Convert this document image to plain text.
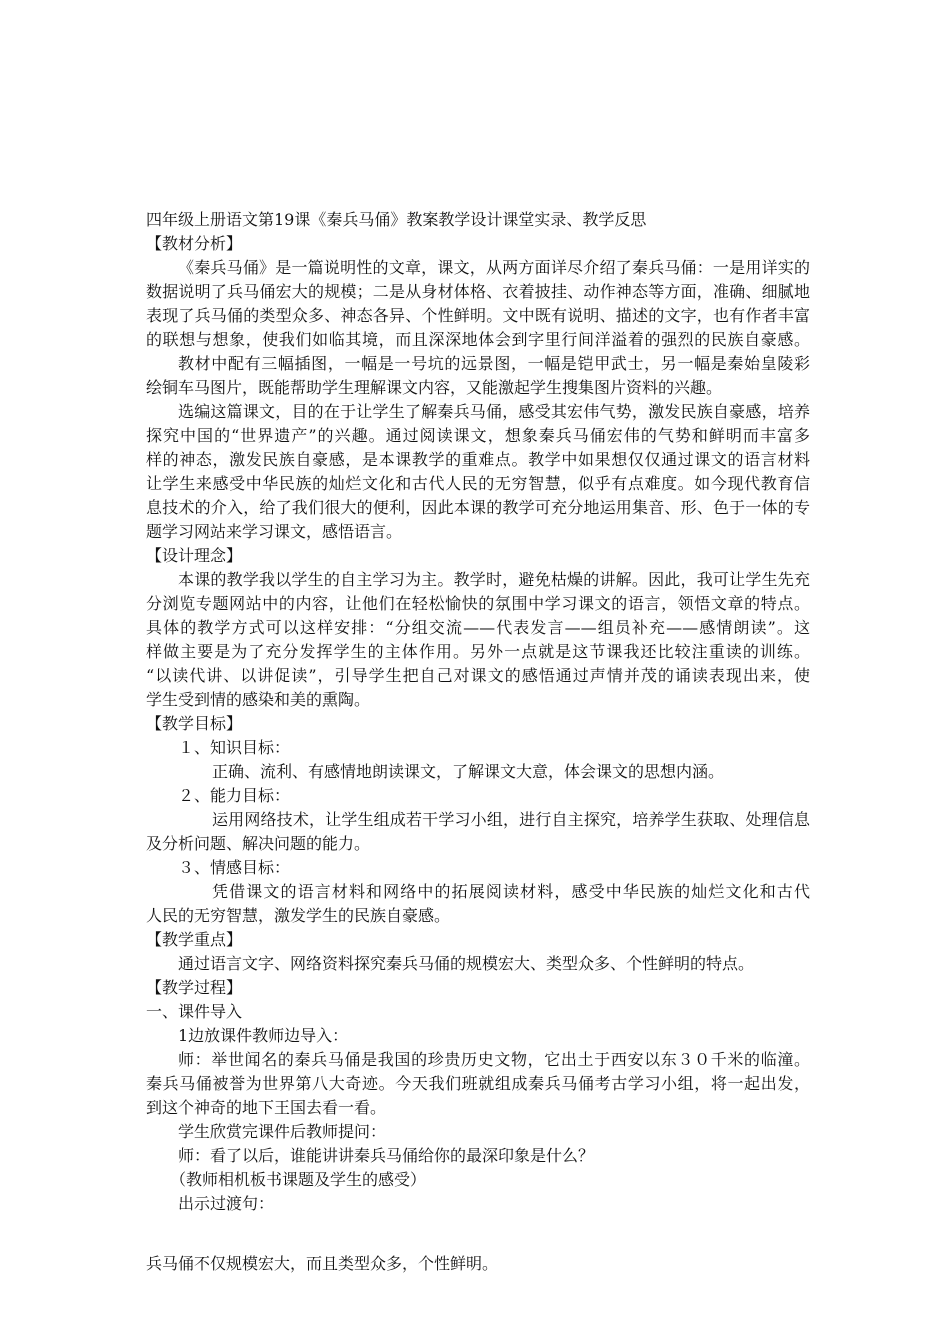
四年级上册语文第19课《秦兵马俑》教案教学设计课堂实录、教学反思
【教材分析】
《秦兵马俑》是一篇说明性的文章，课文，从两方面详尽介绍了秦兵马俑：一是用详实的
数据说明了兵马俑宏大的规模；二是从身材体格、衣着披挂、动作神态等方面，准确、细腻地
表现了兵马俑的类型众多、神态各异、个性鲜明。文中既有说明、描述的文字，也有作者丰富
的联想与想象，使我们如临其境，而且深深地体会到字里行间洋溢着的强烈的民族自豪感。
教材中配有三幅插图，一幅是一号坑的远景图，一幅是铠甲武士，另一幅是秦始皇陵彩
绘铜车马图片，既能帮助学生理解课文内容，又能激起学生搜集图片资料的兴趣。
选编这篇课文，目的在于让学生了解秦兵马俑，感受其宏伟气势，激发民族自豪感，培养
探究中国的“世界遗产”的兴趣。通过阅读课文，想象秦兵马俑宏伟的气势和鲜明而丰富多
样的神态，激发民族自豪感，是本课教学的重难点。教学中如果想仅仅通过课文的语言材料
让学生来感受中华民族的灿烂文化和古代人民的无穷智慧，似乎有点难度。如今现代教育信
息技术的介入，给了我们很大的便利，因此本课的教学可充分地运用集音、形、色于一体的专
题学习网站来学习课文，感悟语言。
【设计理念】
本课的教学我以学生的自主学习为主。教学时，避免枯燥的讲解。因此，我可让学生先充
分浏览专题网站中的内容，让他们在轻松愉快的氛围中学习课文的语言，领悟文章的特点。
具体的教学方式可以这样安排：“分组交流——代表发言——组员补充——感情朗读”。这
样做主要是为了充分发挥学生的主体作用。另外一点就是这节课我还比较注重读的训练。
“以读代讲、以讲促读”，引导学生把自己对课文的感悟通过声情并茂的诵读表现出来，使
学生受到情的感染和美的熏陶。
【教学目标】
１、知识目标：
正确、流利、有感情地朗读课文，了解课文大意，体会课文的思想内涵。
２、能力目标：
运用网络技术，让学生组成若干学习小组，进行自主探究，培养学生获取、处理信息
及分析问题、解决问题的能力。
３、情感目标：
凭借课文的语言材料和网络中的拓展阅读材料，感受中华民族的灿烂文化和古代
人民的无穷智慧，激发学生的民族自豪感。
【教学重点】
通过语言文字、网络资料探究秦兵马俑的规模宏大、类型众多、个性鲜明的特点。
【教学过程】
一、课件导入
1边放课件教师边导入：
师：举世闻名的秦兵马俑是我国的珍贵历史文物，它出土于西安以东３０千米的临潼。
秦兵马俑被誉为世界第八大奇迹。今天我们班就组成秦兵马俑考古学习小组，将一起出发，
到这个神奇的地下王国去看一看。
学生欣赏完课件后教师提问：
师：看了以后，谁能讲讲秦兵马俑给你的最深印象是什么？
（教师相机板书课题及学生的感受）
出示过渡句：
兵马俑不仅规模宏大，而且类型众多，个性鲜明。
